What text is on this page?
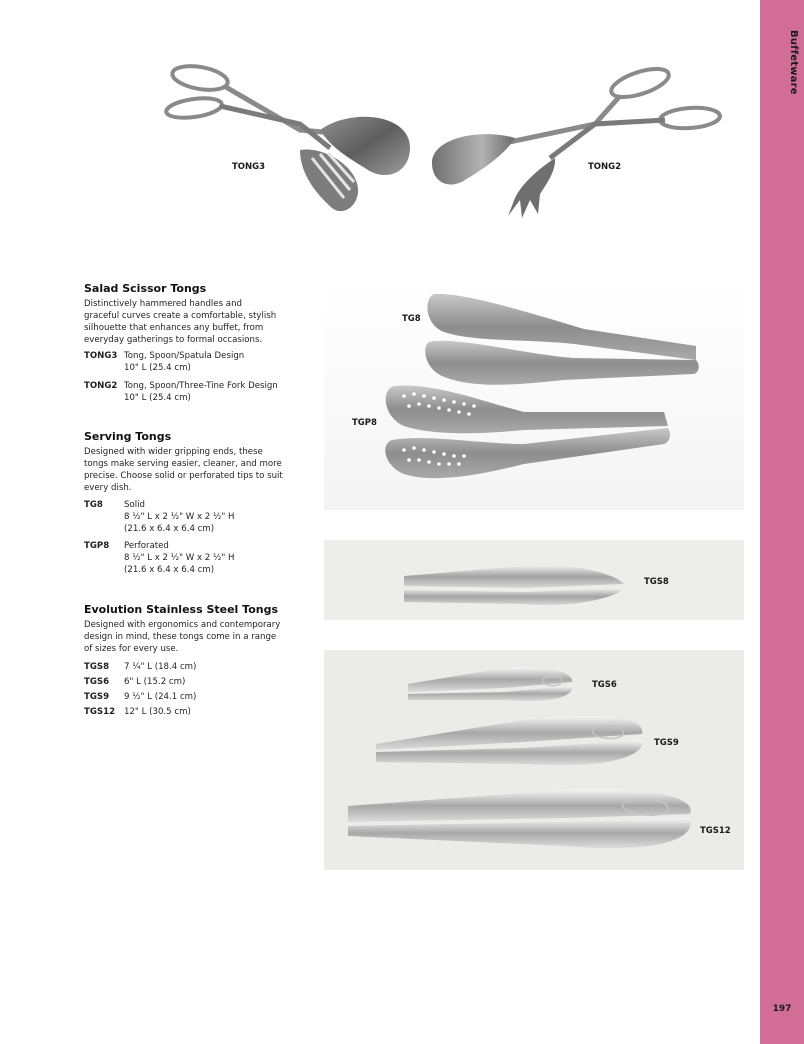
Buffetware
197
TONG3	TONG2
TG8
TGP8
TGS8
TGS6
TGS9
TGS12
Salad Scissor Tongs
Distinctively hammered handles and
graceful curves create a comfortable, stylish
silhouette that enhances any buffet, from
everyday gatherings to formal occasions.
TONG3 Tong, Spoon/Spatula Design
10" L (25.4 cm)
TONG2 Tong, Spoon/Three-Tine Fork Design
10" L (25.4 cm)
Serving Tongs
Designed with wider gripping ends, these
tongs make serving easier, cleaner, and more
precise. Choose solid or perforated tips to suit
every dish.
TG8	Solid
8 ½" L x 2 ½" W x 2 ½" H
(21.6 x 6.4 x 6.4 cm)
TGP8	Perforated
8 ½" L x 2 ½" W x 2 ½" H
(21.6 x 6.4 x 6.4 cm)
Evolution Stainless Steel Tongs
Designed with ergonomics and contemporary
design in mind, these tongs come in a range
of sizes for every use.
TGS8	7 ¼" L (18.4 cm)
TGS6	6" L (15.2 cm)
TGS9	9 ½" L (24.1 cm)
TGS12	12" L (30.5 cm)
